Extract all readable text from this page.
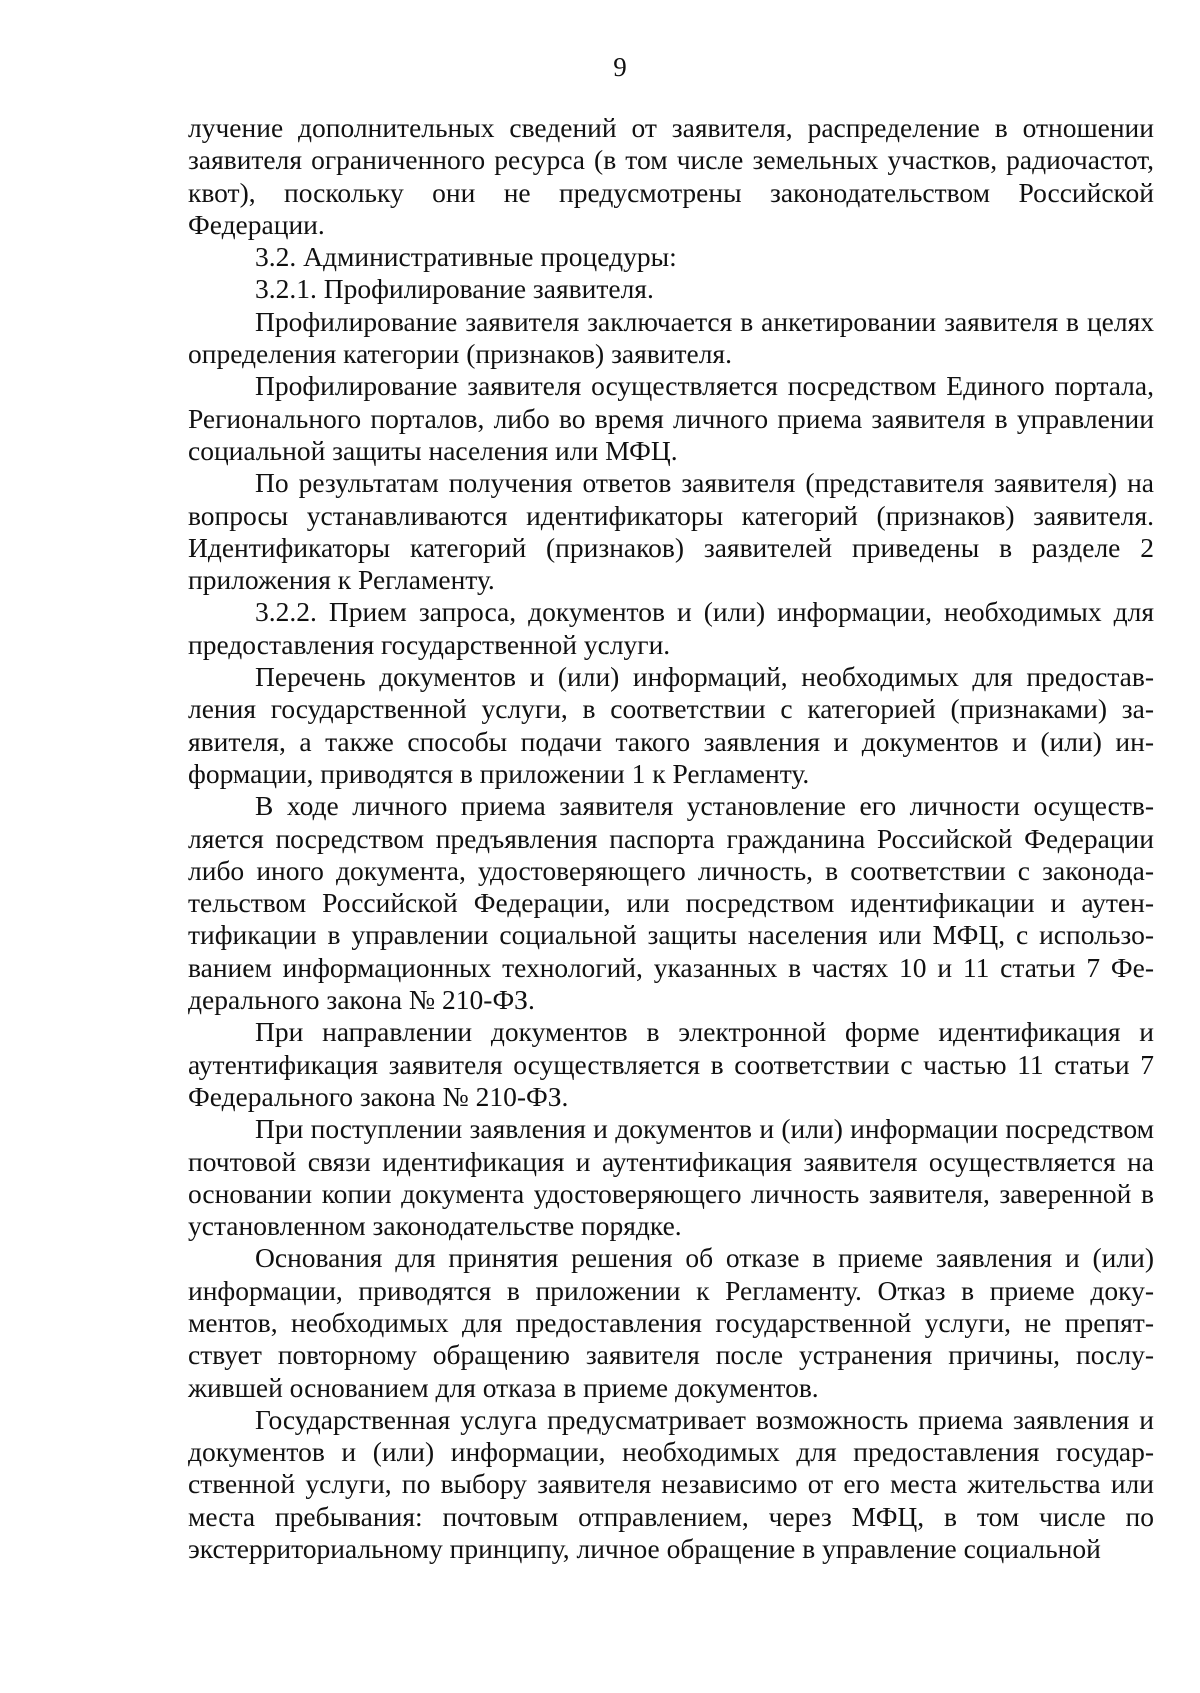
9

лучение дополнительных сведений от заявителя, распределение в отношении заявителя ограниченного ресурса (в том числе земельных участков, радиочастот, квот), поскольку они не предусмотрены законодательством Российской Федерации.

3.2. Административные процедуры:

3.2.1. Профилирование заявителя.

Профилирование заявителя заключается в анкетировании заявителя в целях определения категории (признаков) заявителя.

Профилирование заявителя осуществляется посредством Единого портала, Регионального порталов, либо во время личного приема заявителя в управлении социальной защиты населения или МФЦ.

По результатам получения ответов заявителя (представителя заявителя) на вопросы устанавливаются идентификаторы категорий (признаков) заявителя. Идентификаторы категорий (признаков) заявителей приведены в разделе 2 приложения к Регламенту.

3.2.2. Прием запроса, документов и (или) информации, необходимых для предоставления государственной услуги.

Перечень документов и (или) информаций, необходимых для предоставления государственной услуги, в соответствии с категорией (признаками) заявителя, а также способы подачи такого заявления и документов и (или) информации, приводятся в приложении 1 к Регламенту.

В ходе личного приема заявителя установление его личности осуществляется посредством предъявления паспорта гражданина Российской Федерации либо иного документа, удостоверяющего личность, в соответствии с законодательством Российской Федерации, или посредством идентификации и аутентификации в управлении социальной защиты населения или МФЦ, с использованием информационных технологий, указанных в частях 10 и 11 статьи 7 Федерального закона № 210-ФЗ.

При направлении документов в электронной форме идентификация и аутентификация заявителя осуществляется в соответствии с частью 11 статьи 7 Федерального закона № 210-ФЗ.

При поступлении заявления и документов и (или) информации посредством почтовой связи идентификация и аутентификация заявителя осуществляется на основании копии документа удостоверяющего личность заявителя, заверенной в установленном законодательстве порядке.

Основания для принятия решения об отказе в приеме заявления и (или) информации, приводятся в приложении к Регламенту. Отказ в приеме документов, необходимых для предоставления государственной услуги, не препятствует повторному обращению заявителя после устранения причины, послужившей основанием для отказа в приеме документов.

Государственная услуга предусматривает возможность приема заявления и документов и (или) информации, необходимых для предоставления государственной услуги, по выбору заявителя независимо от его места жительства или места пребывания: почтовым отправлением, через МФЦ, в том числе по экстерриториальному принципу, личное обращение в управление социальной
